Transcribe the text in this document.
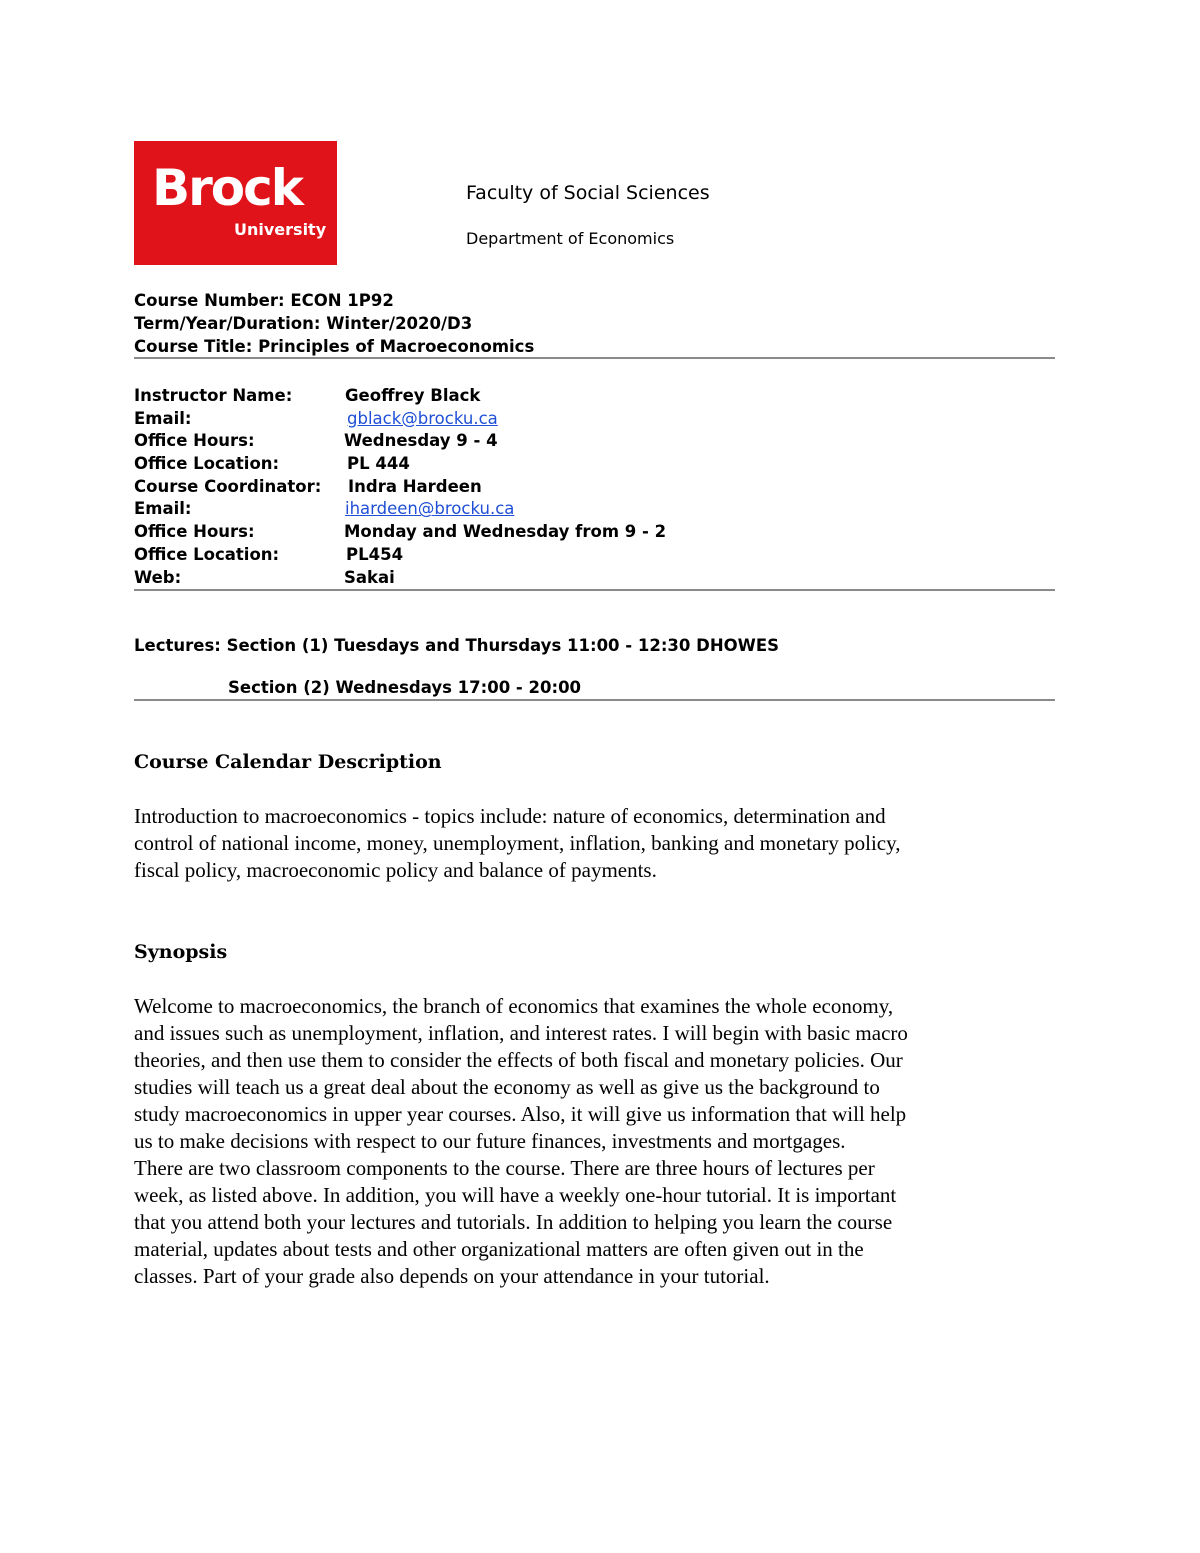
Brock
University
Faculty of Social Sciences
Department of Economics
Course Number: ECON 1P92
Term/Year/Duration: Winter/2020/D3
Course Title: Principles of Macroeconomics
Instructor Name:	Geoffrey Black
Email:	gblack@brocku.ca
Office Hours:	Wednesday 9 - 4
Office Location:	PL 444
Course Coordinator: Indra Hardeen
Email:	ihardeen@brocku.ca
Office Hours:	Monday and Wednesday from 9 - 2
Office Location:	PL454
Web:	Sakai
Lectures: Section (1) Tuesdays and Thursdays 11:00 - 12:30 DHOWES
Section (2) Wednesdays 17:00 - 20:00
Course Calendar Description
Introduction to macroeconomics - topics include: nature of economics, determination and
control of national income, money, unemployment, inflation, banking and monetary policy,
fiscal policy, macroeconomic policy and balance of payments.
Synopsis
Welcome to macroeconomics, the branch of economics that examines the whole economy,
and issues such as unemployment, inflation, and interest rates. I will begin with basic macro
theories, and then use them to consider the effects of both fiscal and monetary policies. Our
studies will teach us a great deal about the economy as well as give us the background to
study macroeconomics in upper year courses. Also, it will give us information that will help
us to make decisions with respect to our future finances, investments and mortgages.
There are two classroom components to the course. There are three hours of lectures per
week, as listed above. In addition, you will have a weekly one-hour tutorial. It is important
that you attend both your lectures and tutorials. In addition to helping you learn the course
material, updates about tests and other organizational matters are often given out in the
classes. Part of your grade also depends on your attendance in your tutorial.
